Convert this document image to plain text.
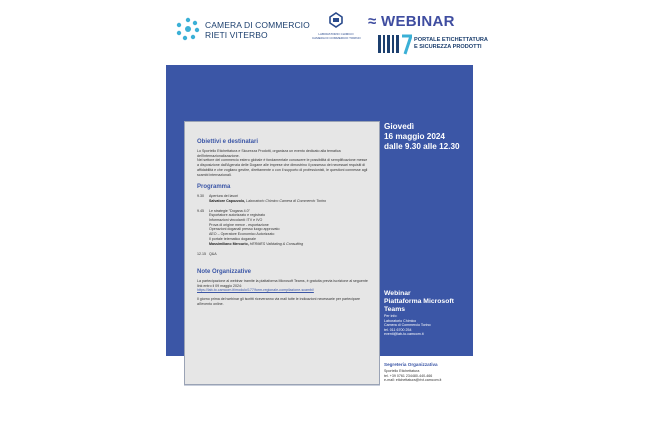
CAMERA DI COMMERCIO
RIETI VITERBO	LABORATORIO CHIMICO
CAMERA DI COMMERCIO TORINO
≈ WEBINAR
PORTALE ETICHETTATURA
E SICUREZZA PRODOTTI
Obiettivi e destinatari
Lo Sportello Etichettatura e Sicurezza Prodotti, organizza un evento dedicato alla tematica dell'internazionalizzazione.
Nel settore del commercio estero globale è fondamentale conoscere le possibilità di semplificazione messe a disposizione dall'Agenzia delle Dogane alle imprese che dimostrino il possesso dei necessari requisiti di affidabilità e che vogliano gestire, direttamente o con il supporto di professionisti, le questioni connesse agli scambi internazionali.
Programma
9.30	Apertura dei lavori
Salvatore Capozzolo, Laboratorio Chimico Camera di Commercio Torino
9.45	Le strategie "Dogana 4.0"
Esportatore autorizzato e registrato
Informazioni vincolanti: ITV e IVO
Prova di origine merce - esportazione
Operazioni doganali presso luogo approvato
AEO – Operatore Economico Autorizzato
Il portale telematico doganale
Massimiliano Mercurio, HERMES Validating & Consulting
12.15 Q&A
Note Organizzative
La partecipazione al webinar tramite la piattaforma Microsoft Teams, è gratuita previa iscrizione al seguente link entro il 09 maggio 2024:
https://lab-to.camcom.it/modulo/177/form-regionale-compilazione-scambi/
Il giorno prima del webinar gli iscritti riceveranno via mail tutte le indicazioni necessarie per partecipare all'evento online.
Giovedì
16 maggio 2024
dalle 9.30 alle 12.30
Webinar
Piattaforma Microsoft
Teams
Per info:
Laboratorio Chimico
Camera di Commercio Torino
tel. 011 6700 254
eventi@lab-to.camcom.it
Segreteria Organizzativa
Sportello Etichettatura
tel. +39 0761 234480-440-466
e-mail: etichettatura@rivt.camcom.it
